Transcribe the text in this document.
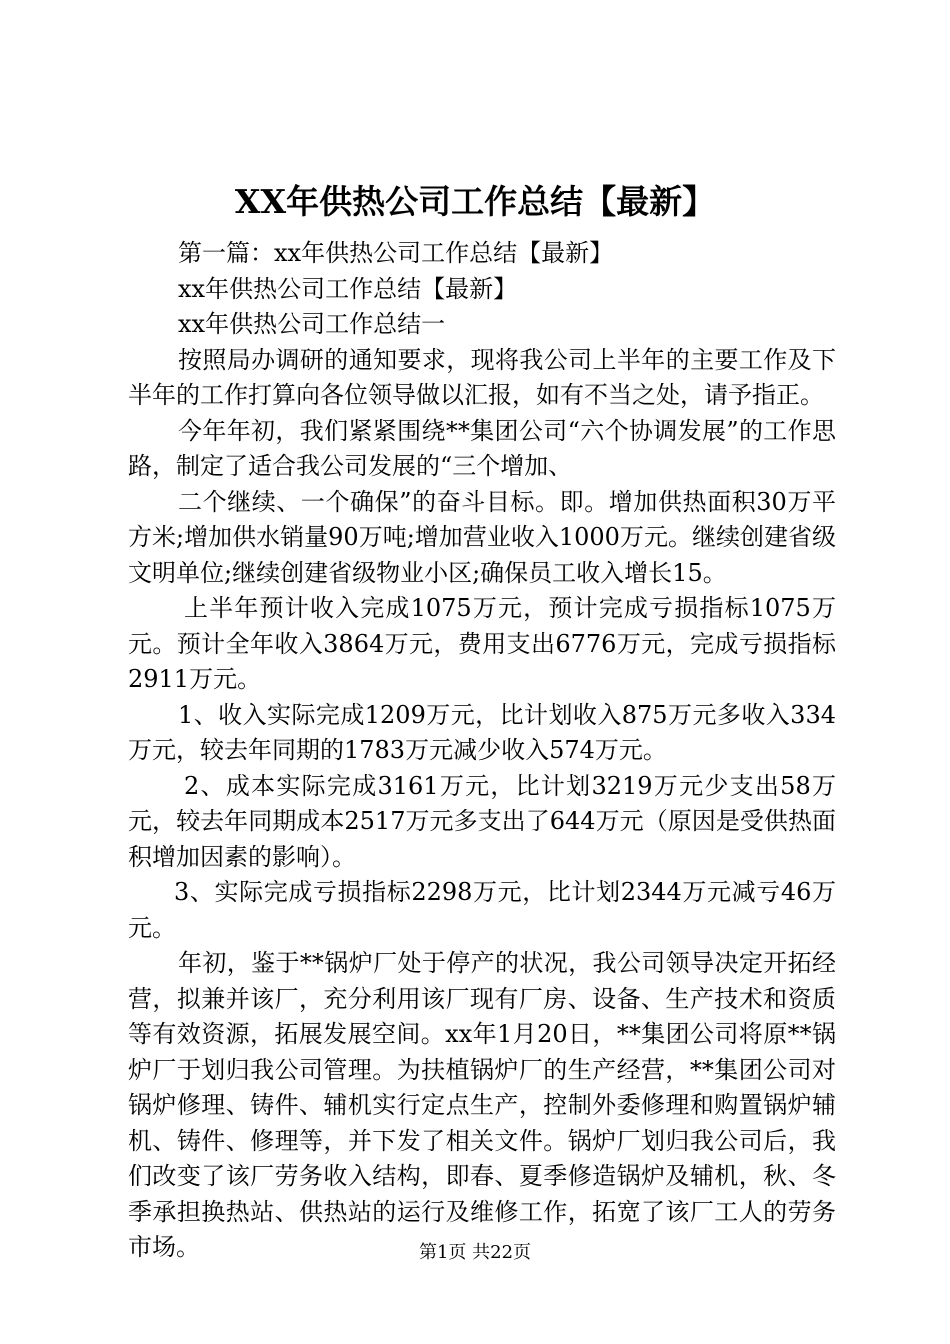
XX年供热公司工作总结【最新】

第一篇：xx年供热公司工作总结【最新】

xx年供热公司工作总结【最新】

xx年供热公司工作总结一

按照局办调研的通知要求，现将我公司上半年的主要工作及下半年的工作打算向各位领导做以汇报，如有不当之处，请予指正。

今年年初，我们紧紧围绕**集团公司“六个协调发展”的工作思路，制定了适合我公司发展的“三个增加、

二个继续、一个确保”的奋斗目标。即。增加供热面积30万平方米;增加供水销量90万吨;增加营业收入1000万元。继续创建省级文明单位;继续创建省级物业小区;确保员工收入增长15。

上半年预计收入完成1075万元，预计完成亏损指标1075万元。预计全年收入3864万元，费用支出6776万元，完成亏损指标2911万元。

1、收入实际完成1209万元，比计划收入875万元多收入334万元，较去年同期的1783万元减少收入574万元。

2、成本实际完成3161万元，比计划3219万元少支出58万元，较去年同期成本2517万元多支出了644万元（原因是受供热面积增加因素的影响）。

3、实际完成亏损指标2298万元，比计划2344万元减亏46万元。

年初，鉴于**锅炉厂处于停产的状况，我公司领导决定开拓经营，拟兼并该厂，充分利用该厂现有厂房、设备、生产技术和资质等有效资源，拓展发展空间。xx年1月20日，**集团公司将原**锅炉厂于划归我公司管理。为扶植锅炉厂的生产经营，**集团公司对锅炉修理、铸件、辅机实行定点生产，控制外委修理和购置锅炉辅机、铸件、修理等，并下发了相关文件。锅炉厂划归我公司后，我们改变了该厂劳务收入结构，即春、夏季修造锅炉及辅机，秋、冬季承担换热站、供热站的运行及维修工作，拓宽了该厂工人的劳务市场。	第1页 共22页
